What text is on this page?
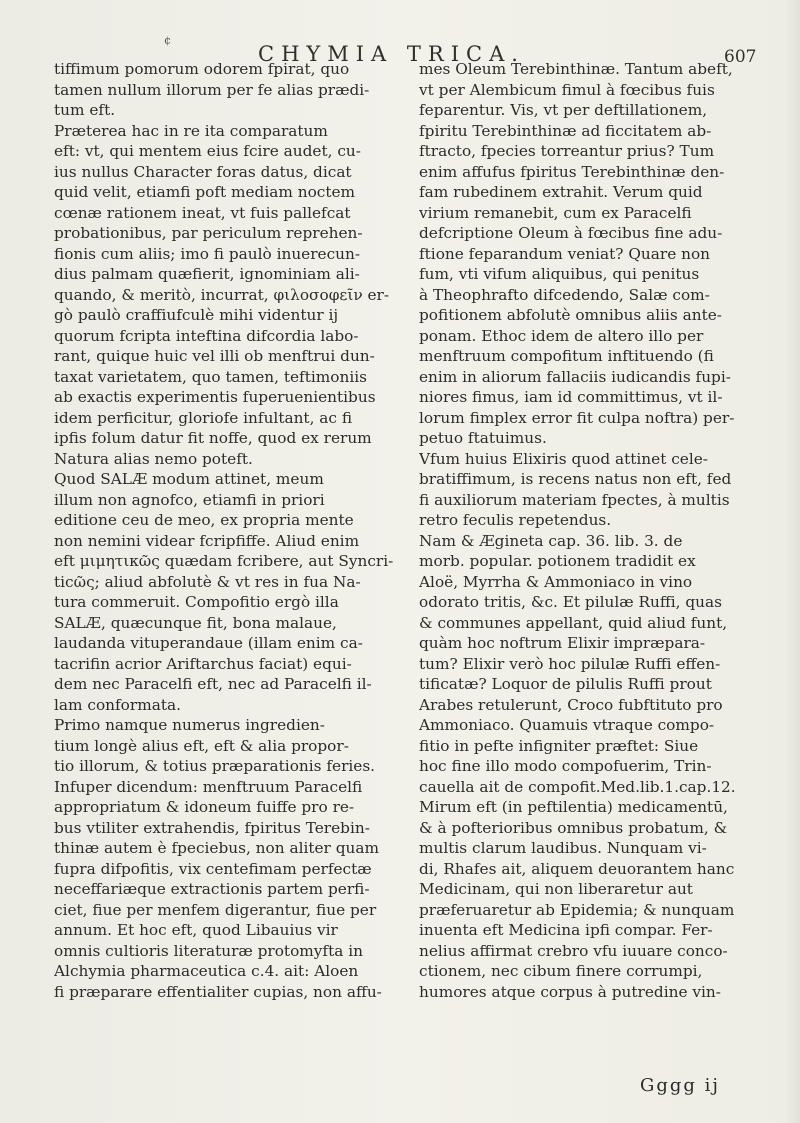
¢
CHYMIA TRICA.	607
tiffimum pomorum odorem fpirat, quo
tamen nullum illorum per fe alias prædi-
tum eft.
Præterea hac in re ita comparatum
eft: vt, qui mentem eius fcire audet, cu-
ius nullus Character foras datus, dicat
quid velit, etiamfi poft mediam noctem
cœnæ rationem ineat, vt fuis pallefcat
probationibus, par periculum reprehen-
fionis cum aliis; imo fi paulò inuerecun-
dius palmam quæfierit, ignominiam ali-
quando, & meritò, incurrat, φιλοσοφεῖν er-
gò paulò craffiufculè mihi videntur ij
quorum fcripta inteftina difcordia labo-
rant, quique huic vel illi ob menftrui dun-
taxat varietatem, quo tamen, teftimoniis
ab exactis experimentis fuperuenientibus
idem perficitur, gloriofe infultant, ac fi
ipfis folum datur fit noffe, quod ex rerum
Natura alias nemo poteft.
Quod SALÆ modum attinet, meum
illum non agnofco, etiamfi in priori
editione ceu de meo, ex propria mente
non nemini videar fcripfiffe. Aliud enim
eft μιμητικῶς quædam fcribere, aut Syncri-
ticῶς; aliud abfolutè & vt res in fua Na-
tura commeruit. Compofitio ergò illa
SALÆ, quæcunque fit, bona malaue,
laudanda vituperandaue (illam enim ca-
tacrifin acrior Ariftarchus faciat) equi-
dem nec Paracelfi eft, nec ad Paracelfi il-
lam conformata.
Primo namque numerus ingredien-
tium longè alius eft, eft & alia propor-
tio illorum, & totius præparationis feries.
Infuper dicendum: menftruum Paracelfi
appropriatum & idoneum fuiffe pro re-
bus vtiliter extrahendis, fpiritus Terebin-
thinæ autem è fpeciebus, non aliter quam
fupra difpofitis, vix centefimam perfectæ
neceffariæque extractionis partem perfi-
ciet, fiue per menfem digerantur, fiue per
annum. Et hoc eft, quod Libauius vir
omnis cultioris literaturæ protomyfta in
Alchymia pharmaceutica c.4. ait: Aloen
fi præparare effentialiter cupias, non affu-
mes Oleum Terebinthinæ. Tantum abeft,
vt per Alembicum fimul à fœcibus fuis
feparentur. Vis, vt per deftillationem,
fpiritu Terebinthinæ ad ficcitatem ab-
ftracto, fpecies torreantur prius? Tum
enim affufus fpiritus Terebinthinæ den-
fam rubedinem extrahit. Verum quid
virium remanebit, cum ex Paracelfi
defcriptione Oleum à fœcibus fine adu-
ftione feparandum veniat? Quare non
fum, vti vifum aliquibus, qui penitus
à Theophrafto difcedendo, Salæ com-
pofitionem abfolutè omnibus aliis ante-
ponam. Ethoc idem de altero illo per
menftruum compofitum inftituendo (fi
enim in aliorum fallaciis iudicandis fupi-
niores fimus, iam id committimus, vt il-
lorum fimplex error fit culpa noftra) per-
petuo ftatuimus.
Vfum huius Elixiris quod attinet cele-
bratiffimum, is recens natus non eft, fed
fi auxiliorum materiam fpectes, à multis
retro feculis repetendus.
Nam & Ægineta cap. 36. lib. 3. de
morb. popular. potionem tradidit ex
Aloë, Myrrha & Ammoniaco in vino
odorato tritis, &c. Et pilulæ Ruffi, quas
& communes appellant, quid aliud funt,
quàm hoc noftrum Elixir impræpara-
tum? Elixir verò hoc pilulæ Ruffi effen-
tificatæ? Loquor de pilulis Ruffi prout
Arabes retulerunt, Croco fubftituto pro
Ammoniaco. Quamuis vtraque compo-
fitio in pefte infigniter præftet: Siue
hoc fine illo modo compofuerim, Trin-
cauella ait de compofit.Med.lib.1.cap.12.
Mirum eft (in peftilentia) medicamentū,
& à pofterioribus omnibus probatum, &
multis clarum laudibus. Nunquam vi-
di, Rhafes ait, aliquem deuorantem hanc
Medicinam, qui non liberaretur aut
præferuaretur ab Epidemia; & nunquam
inuenta eft Medicina ipfi compar. Fer-
nelius affirmat crebro vfu iuuare conco-
ctionem, nec cibum finere corrumpi,
humores atque corpus à putredine vin-
Gggg ij
